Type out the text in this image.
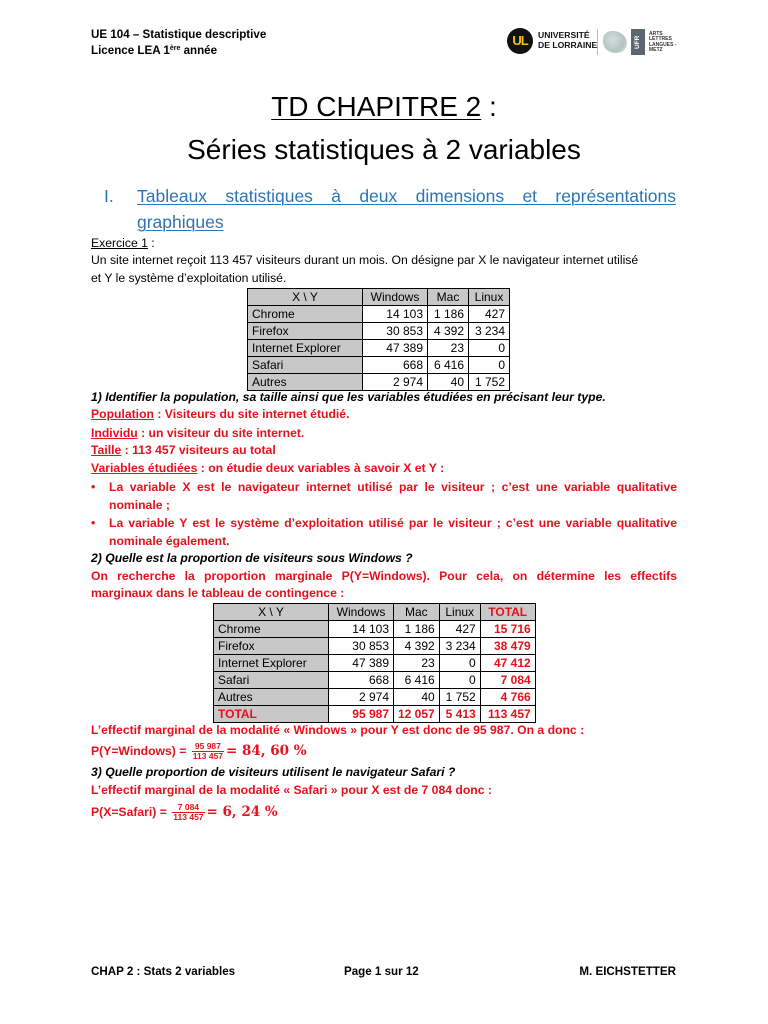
UE 104 – Statistique descriptive
Licence LEA 1ère année
UL	UNIVERSITÉ
DE LORRAINE	UFR
ARTS
LETTRES
LANGUES - METZ
TD CHAPITRE 2 :
Séries statistiques à 2 variables
I. Tableaux statistiques à deux dimensions et représentations graphiques
Exercice 1 :
Un site internet reçoit 113 457 visiteurs durant un mois. On désigne par X le navigateur internet utilisé
et Y le système d’exploitation utilisé.
X \ Y	Windows	Mac	Linux
Chrome	14 103	1 186	427
Firefox	30 853	4 392	3 234
Internet Explorer	47 389	23	0
Safari	668	6 416	0
Autres	2 974	40	1 752
1) Identifier la population, sa taille ainsi que les variables étudiées en précisant leur type.
Population : Visiteurs du site internet étudié.
Individu : un visiteur du site internet.
Taille : 113 457 visiteurs au total
Variables étudiées : on étudie deux variables à savoir X et Y :
• La variable X est le navigateur internet utilisé par le visiteur ; c’est une variable qualitative nominale ;
• La variable Y est le système d’exploitation utilisé par le visiteur ; c’est une variable qualitative nominale également.
2) Quelle est la proportion de visiteurs sous Windows ?
On recherche la proportion marginale P(Y=Windows). Pour cela, on détermine les effectifs
marginaux dans le tableau de contingence :
X \ Y	Windows	Mac	Linux	TOTAL
Chrome	14 103	1 186	427	15 716
Firefox	30 853	4 392	3 234	38 479
Internet Explorer	47 389	23	0	47 412
Safari	668	6 416	0	7 084
Autres	2 974	40	1 752	4 766
TOTAL	95 987	12 057	5 413	113 457
L’effectif marginal de la modalité « Windows » pour Y est donc de 95 987. On a donc :
P(Y=Windows) = $\frac{95 987}{113 457} = 84$, 60 %
3) Quelle proportion de visiteurs utilisent le navigateur Safari ?
L’effectif marginal de la modalité « Safari » pour X est de 7 084 donc :
P(X=Safari) = $\frac{7 084}{113 457} = 6$, 24 %
CHAP 2 : Stats 2 variables	Page 1 sur 12	M. EICHSTETTER
